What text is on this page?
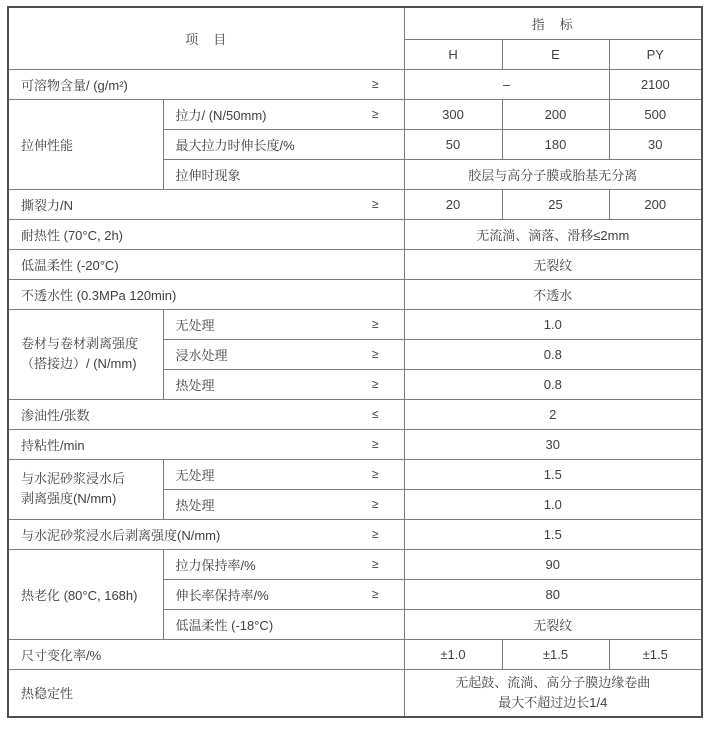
项　目		指　标		
		H	E	PY

可溶物含量/ (g/m²) ≥		–		2100
拉伸性能	拉力/ (N/50mm) ≥	300	200	500
	最大拉力时伸长度/%	50	180	30
	拉伸时现象	胶层与高分子膜或胎基无分离		

撕裂力/N ≥		20	25	200
耐热性 (70°C, 2h)		无流淌、滴落、滑移≤2mm		
低温柔性 (-20°C)		无裂纹		
不透水性 (0.3MPa 120min)		不透水		

卷材与卷材剥离强度
（搭接边）/ (N/mm)	无处理 ≥	1.0		

	浸水处理 ≥	0.8		

	热处理 ≥	0.8		

渗油性/张数 ≤		2		

持粘性/min ≥		30		

与水泥砂浆浸水后
剥离强度(N/mm)	无处理 ≥	1.5		

	热处理 ≥	1.0		

与水泥砂浆浸水后剥离强度(N/mm) ≥		1.5		
热老化 (80°C, 168h)	拉力保持率/% ≥	90		

	伸长率保持率/% ≥	80		
	低温柔性 (-18°C)	无裂纹		
尺寸变化率/%		±1.0	±1.5	±1.5
热稳定性		无起鼓、流淌、高分子膜边缘卷曲
最大不超过边长1/4		
